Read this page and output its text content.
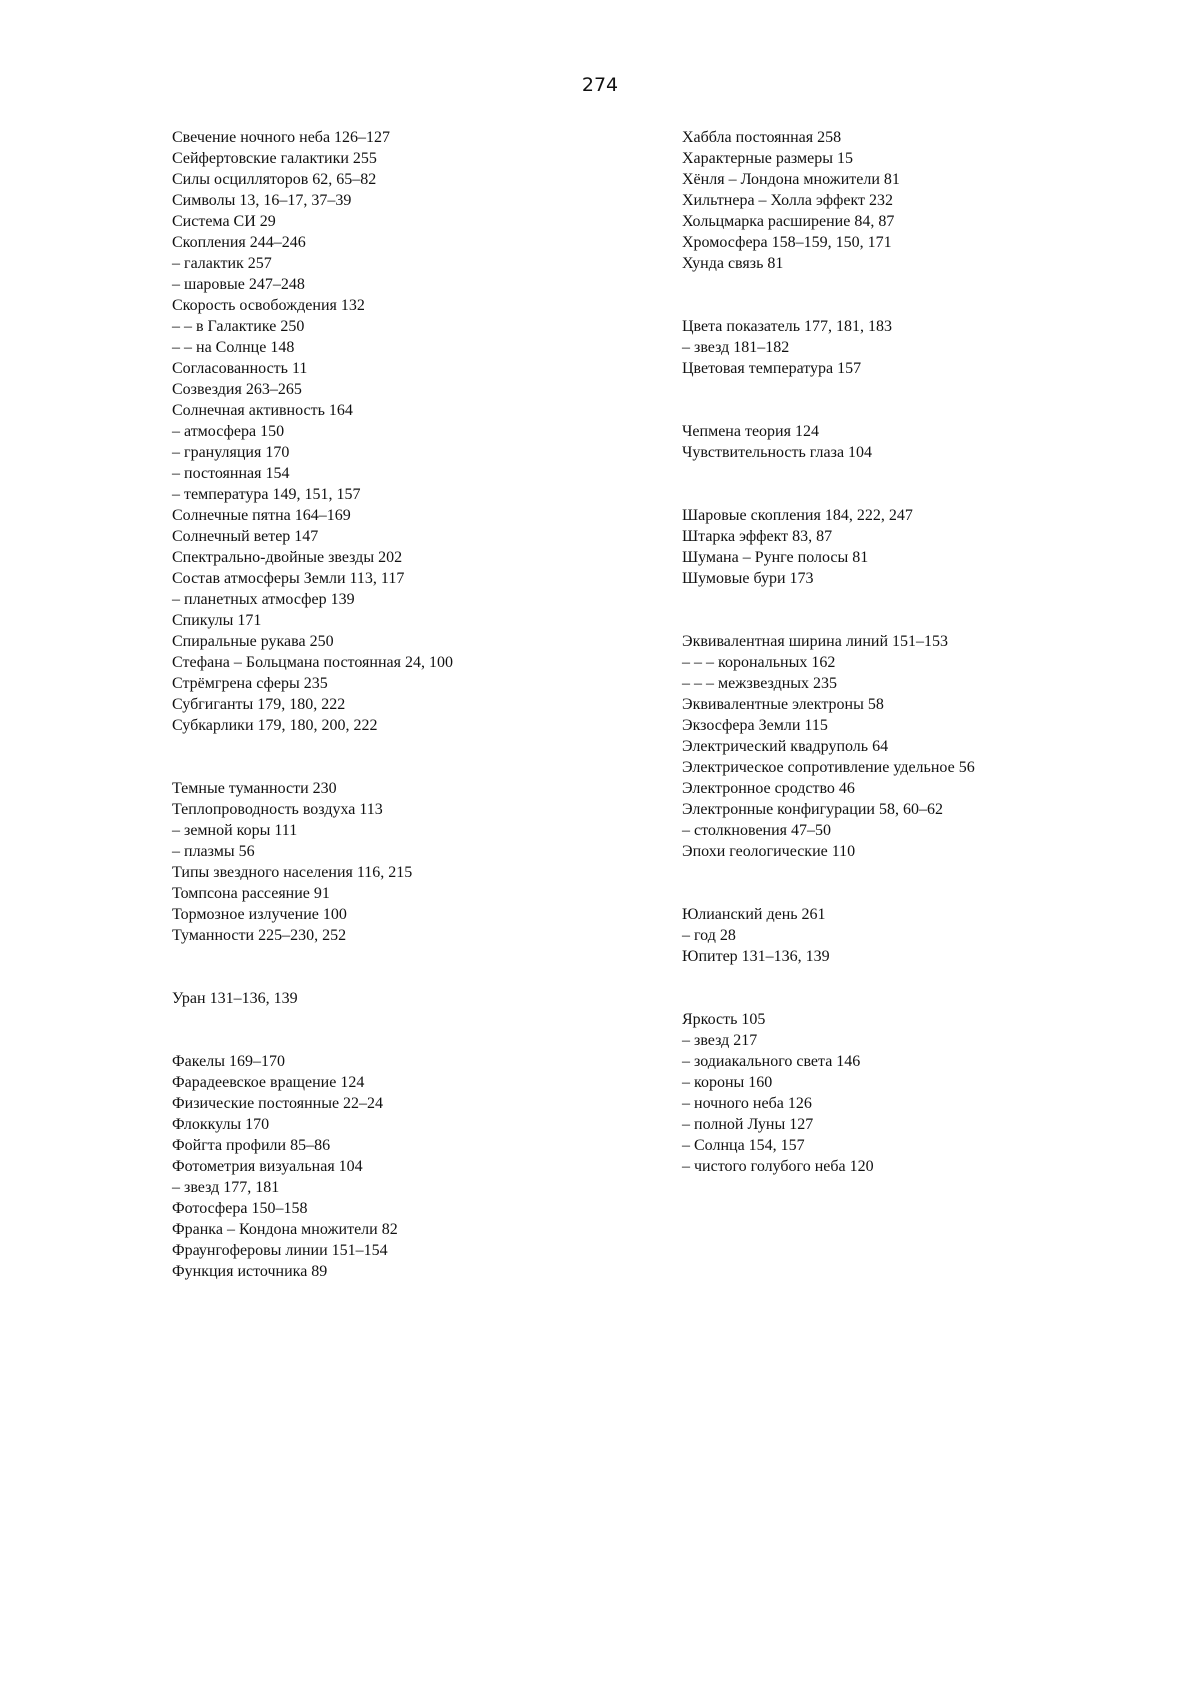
274
Свечение ночного неба 126–127
Сейфертовские галактики 255
Силы осцилляторов 62, 65–82
Символы 13, 16–17, 37–39
Система СИ 29
Скопления 244–246
– галактик 257
– шаровые 247–248
Скорость освобождения 132
– – в Галактике 250
– – на Солнце 148
Согласованность 11
Созвездия 263–265
Солнечная активность 164
– атмосфера 150
– грануляция 170
– постоянная 154
– температура 149, 151, 157
Солнечные пятна 164–169
Солнечный ветер 147
Спектрально-двойные звезды 202
Состав атмосферы Земли 113, 117
– планетных атмосфер 139
Спикулы 171
Спиральные рукава 250
Стефана – Больцмана постоянная 24, 100
Стрёмгрена сферы 235
Субгиганты 179, 180, 222
Субкарлики 179, 180, 200, 222
Темные туманности 230
Теплопроводность воздуха 113
– земной коры 111
– плазмы 56
Типы звездного населения 116, 215
Томпсона рассеяние 91
Тормозное излучение 100
Туманности 225–230, 252
Уран 131–136, 139
Факелы 169–170
Фарадеевское вращение 124
Физические постоянные 22–24
Флоккулы 170
Фойгта профили 85–86
Фотометрия визуальная 104
– звезд 177, 181
Фотосфера 150–158
Франка – Кондона множители 82
Фраунгоферовы линии 151–154
Функция источника 89
Хаббла постоянная 258
Характерные размеры 15
Хёнля – Лондона множители 81
Хильтнера – Холла эффект 232
Хольцмарка расширение 84, 87
Хромосфера 158–159, 150, 171
Хунда связь 81
Цвета показатель 177, 181, 183
– звезд 181–182
Цветовая температура 157
Чепмена теория 124
Чувствительность глаза 104
Шаровые скопления 184, 222, 247
Штарка эффект 83, 87
Шумана – Рунге полосы 81
Шумовые бури 173
Эквивалентная ширина линий 151–153
– – – корональных 162
– – – межзвездных 235
Эквивалентные электроны 58
Экзосфера Земли 115
Электрический квадруполь 64
Электрическое сопротивление удельное 56
Электронное сродство 46
Электронные конфигурации 58, 60–62
– столкновения 47–50
Эпохи геологические 110
Юлианский день 261
– год 28
Юпитер 131–136, 139
Яркость 105
– звезд 217
– зодиакального света 146
– короны 160
– ночного неба 126
– полной Луны 127
– Солнца 154, 157
– чистого голубого неба 120
